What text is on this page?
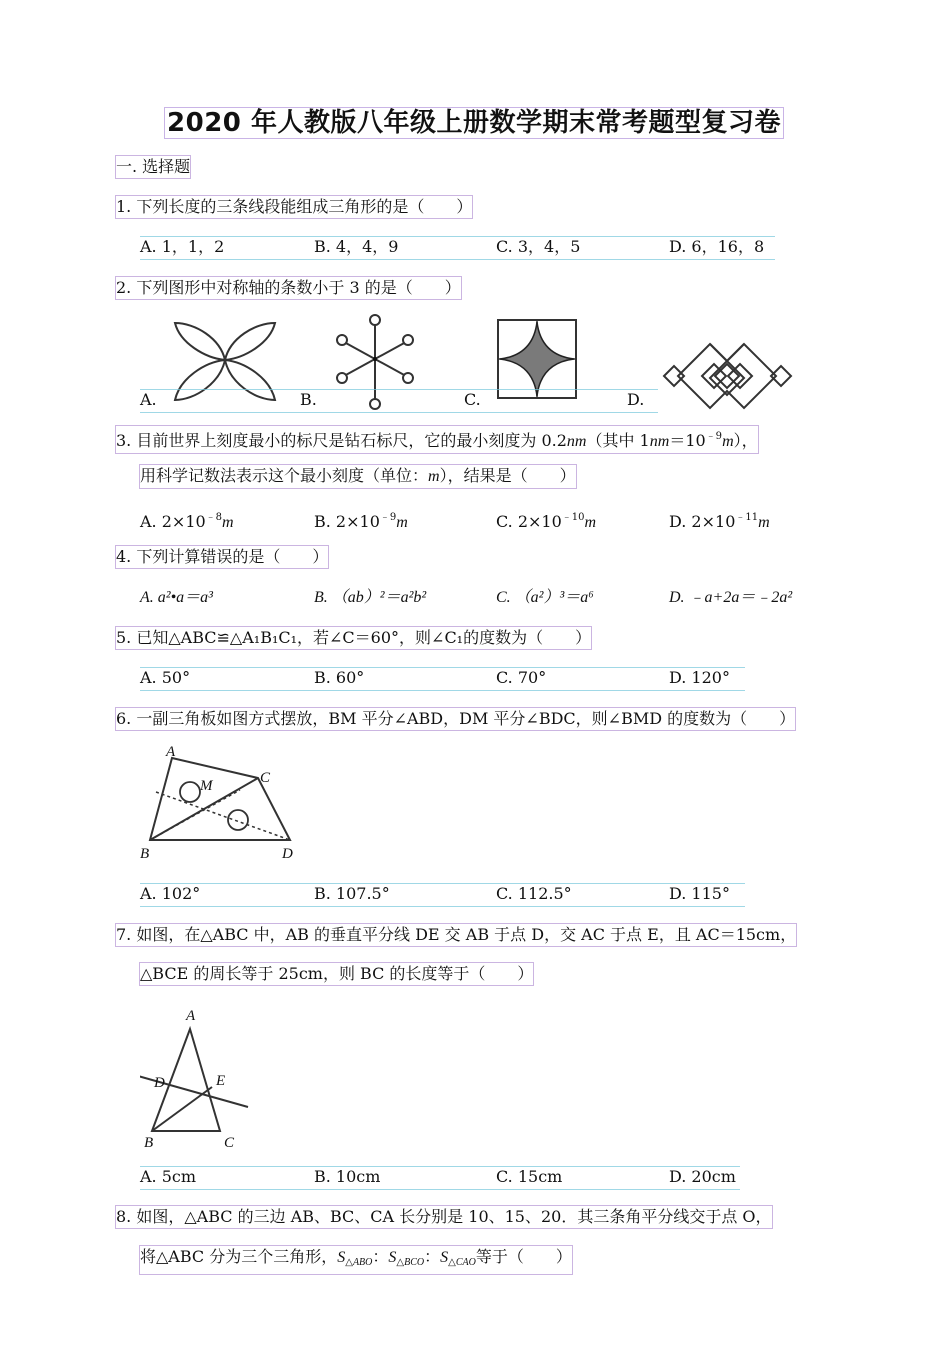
2020 年人教版八年级上册数学期末常考题型复习卷
一. 选择题
1. 下列长度的三条线段能组成三角形的是（　　）
A. 1，1，2	B. 4，4，9	C. 3，4，5	D. 6，16，8
2. 下列图形中对称轴的条数小于 3 的是（　　）
A.	B.	C.	D.
3. 目前世界上刻度最小的标尺是钻石标尺，它的最小刻度为 0.2nm（其中 $1nm=10^{﹣9}m$），
用科学记数法表示这个最小刻度（单位：m），结果是（　　）
A. $2\times 10^{﹣8}m$	B. $2\times 10^{﹣9}m$	C. $2\times 10^{﹣10}m$	D. $2\times 10^{﹣11}m$
4. 下列计算错误的是（　　）
A. a²•a＝a³	B. （ab）²＝a²b²	C. （a²）³＝a⁶	D. ﹣a+2a＝﹣2a²
5. 已知△ABC≌△A₁B₁C₁，若∠C＝60°，则∠C₁的度数为（　　）
A. 50°	B. 60°	C. 70°	D. 120°
6. 一副三角板如图方式摆放，BM 平分∠ABD，DM 平分∠BDC，则∠BMD 的度数为（　　）
A
M	C
B	D
A. 102°	B. 107.5°	C. 112.5°	D. 115°
7. 如图，在△ABC 中，AB 的垂直平分线 DE 交 AB 于点 D，交 AC 于点 E，且 AC＝15cm，
△BCE 的周长等于 25cm，则 BC 的长度等于（　　）
A
D	E
B	C
A. 5cm	B. 10cm	C. 15cm	D. 20cm
8. 如图，△ABC 的三边 AB、BC、CA 长分别是 10、15、20．其三条角平分线交于点 O，
将△ABC 分为三个三角形，$S_{\triangle ABO}$：$S_{\triangle BCO}$：$S_{\triangle CAO}$等于（　　）
